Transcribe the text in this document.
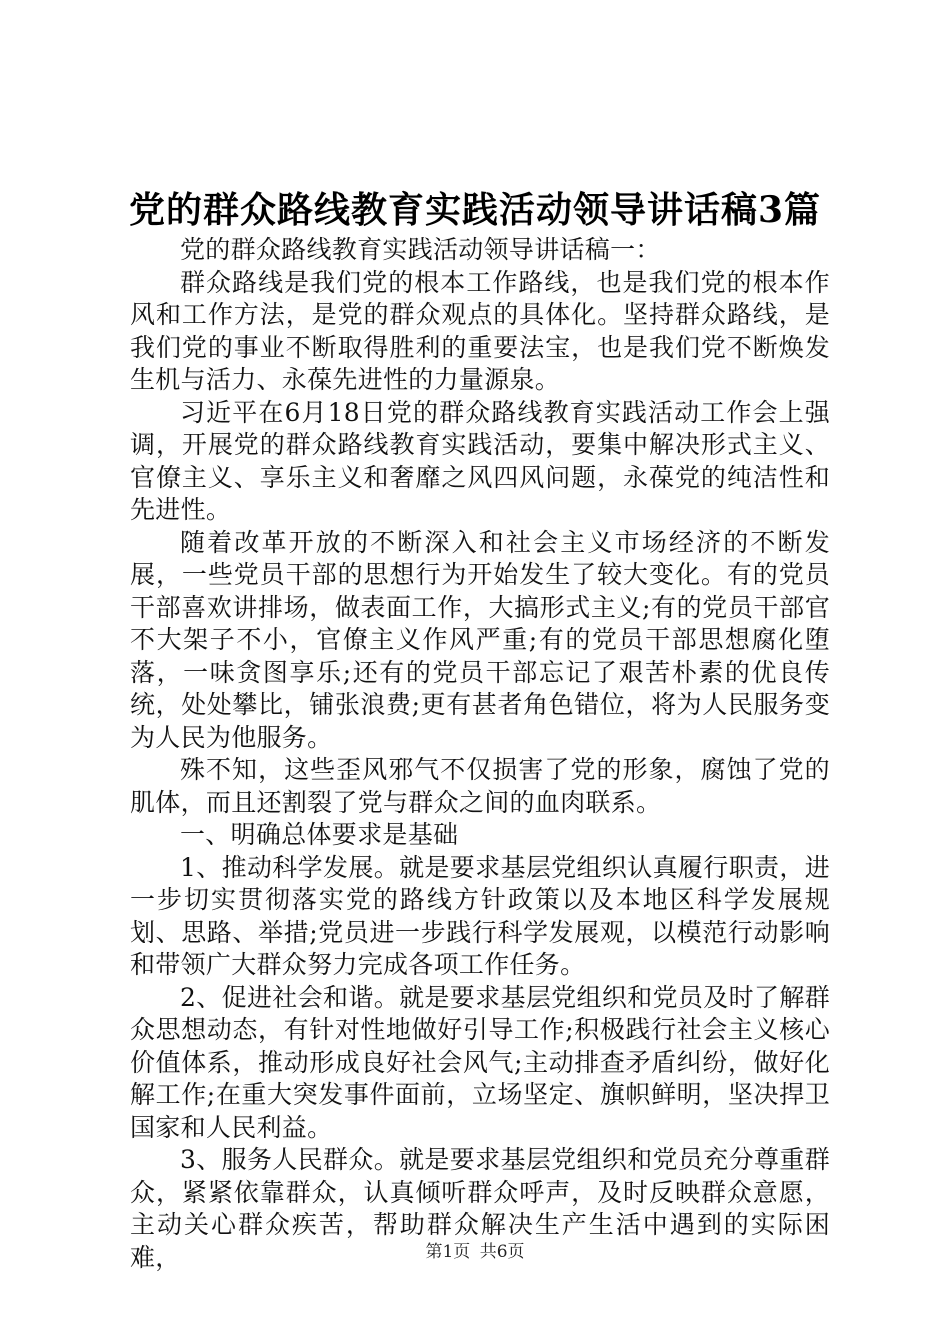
党的群众路线教育实践活动领导讲话稿3篇

党的群众路线教育实践活动领导讲话稿一：

群众路线是我们党的根本工作路线，也是我们党的根本作风和工作方法，是党的群众观点的具体化。坚持群众路线，是我们党的事业不断取得胜利的重要法宝，也是我们党不断焕发生机与活力、永葆先进性的力量源泉。

习近平在6月18日党的群众路线教育实践活动工作会上强调，开展党的群众路线教育实践活动，要集中解决形式主义、官僚主义、享乐主义和奢靡之风四风问题，永葆党的纯洁性和先进性。

随着改革开放的不断深入和社会主义市场经济的不断发展，一些党员干部的思想行为开始发生了较大变化。有的党员干部喜欢讲排场，做表面工作，大搞形式主义;有的党员干部官不大架子不小，官僚主义作风严重;有的党员干部思想腐化堕落，一味贪图享乐;还有的党员干部忘记了艰苦朴素的优良传统，处处攀比，铺张浪费;更有甚者角色错位，将为人民服务变为人民为他服务。

殊不知，这些歪风邪气不仅损害了党的形象，腐蚀了党的肌体，而且还割裂了党与群众之间的血肉联系。

一、明确总体要求是基础

1、推动科学发展。就是要求基层党组织认真履行职责，进一步切实贯彻落实党的路线方针政策以及本地区科学发展规划、思路、举措;党员进一步践行科学发展观，以模范行动影响和带领广大群众努力完成各项工作任务。

2、促进社会和谐。就是要求基层党组织和党员及时了解群众思想动态，有针对性地做好引导工作;积极践行社会主义核心价值体系，推动形成良好社会风气;主动排查矛盾纠纷，做好化解工作;在重大突发事件面前，立场坚定、旗帜鲜明，坚决捍卫国家和人民利益。

3、服务人民群众。就是要求基层党组织和党员充分尊重群众，紧紧依靠群众，认真倾听群众呼声，及时反映群众意愿，主动关心群众疾苦，帮助群众解决生产生活中遇到的实际困难，	第1页 共6页
